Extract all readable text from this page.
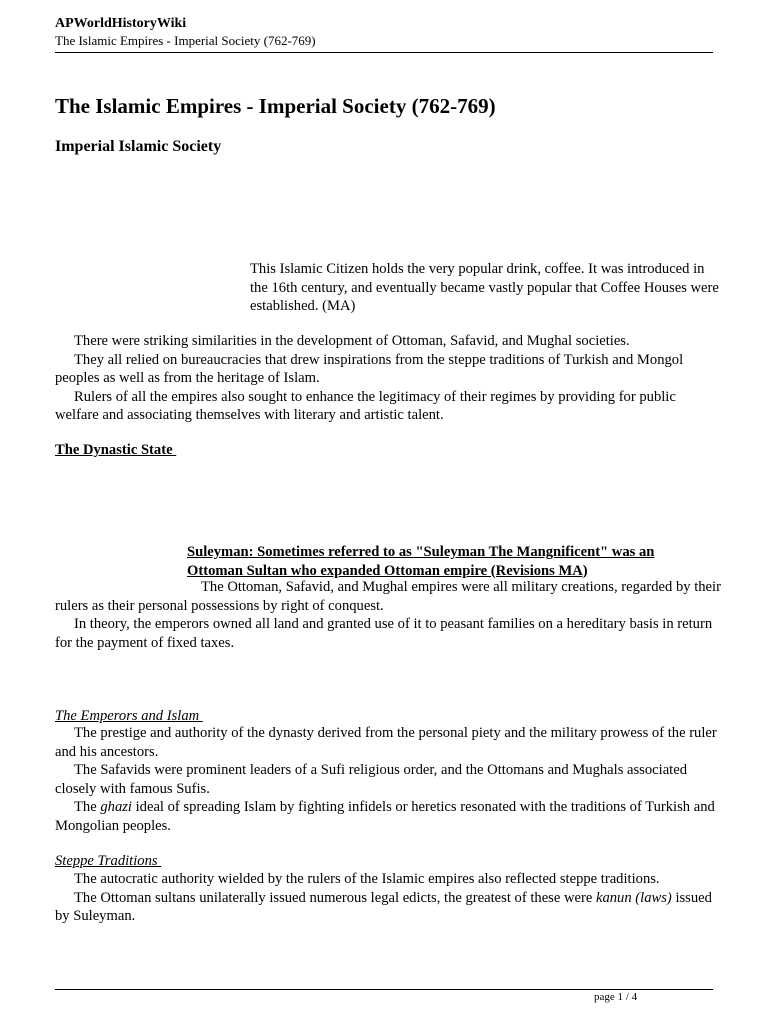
APWorldHistoryWiki
The Islamic Empires - Imperial Society (762-769)
The Islamic Empires - Imperial Society (762-769)
Imperial Islamic Society
This Islamic Citizen holds the very popular drink, coffee. It was introduced in the 16th century, and eventually became vastly popular that Coffee Houses were established. (MA)
There were striking similarities in the development of Ottoman, Safavid, and Mughal societies.
They all relied on bureaucracies that drew inspirations from the steppe traditions of Turkish and Mongol peoples as well as from the heritage of Islam.
Rulers of all the empires also sought to enhance the legitimacy of their regimes by providing for public welfare and associating themselves with literary and artistic talent.
The Dynastic State
Suleyman: Sometimes referred to as "Suleyman The Mangnificent" was an Ottoman Sultan who expanded Ottoman empire (Revisions MA)
The Ottoman, Safavid, and Mughal empires were all military creations, regarded by their rulers as their personal possessions by right of conquest.
In theory, the emperors owned all land and granted use of it to peasant families on a hereditary basis in return for the payment of fixed taxes.
The Emperors and Islam
The prestige and authority of the dynasty derived from the personal piety and the military prowess of the ruler and his ancestors.
The Safavids were prominent leaders of a Sufi religious order, and the Ottomans and Mughals associated closely with famous Sufis.
The ghazi ideal of spreading Islam by fighting infidels or heretics resonated with the traditions of Turkish and Mongolian peoples.
Steppe Traditions
The autocratic authority wielded by the rulers of the Islamic empires also reflected steppe traditions.
The Ottoman sultans unilaterally issued numerous legal edicts, the greatest of these were kanun (laws) issued by Suleyman.
page 1 / 4
